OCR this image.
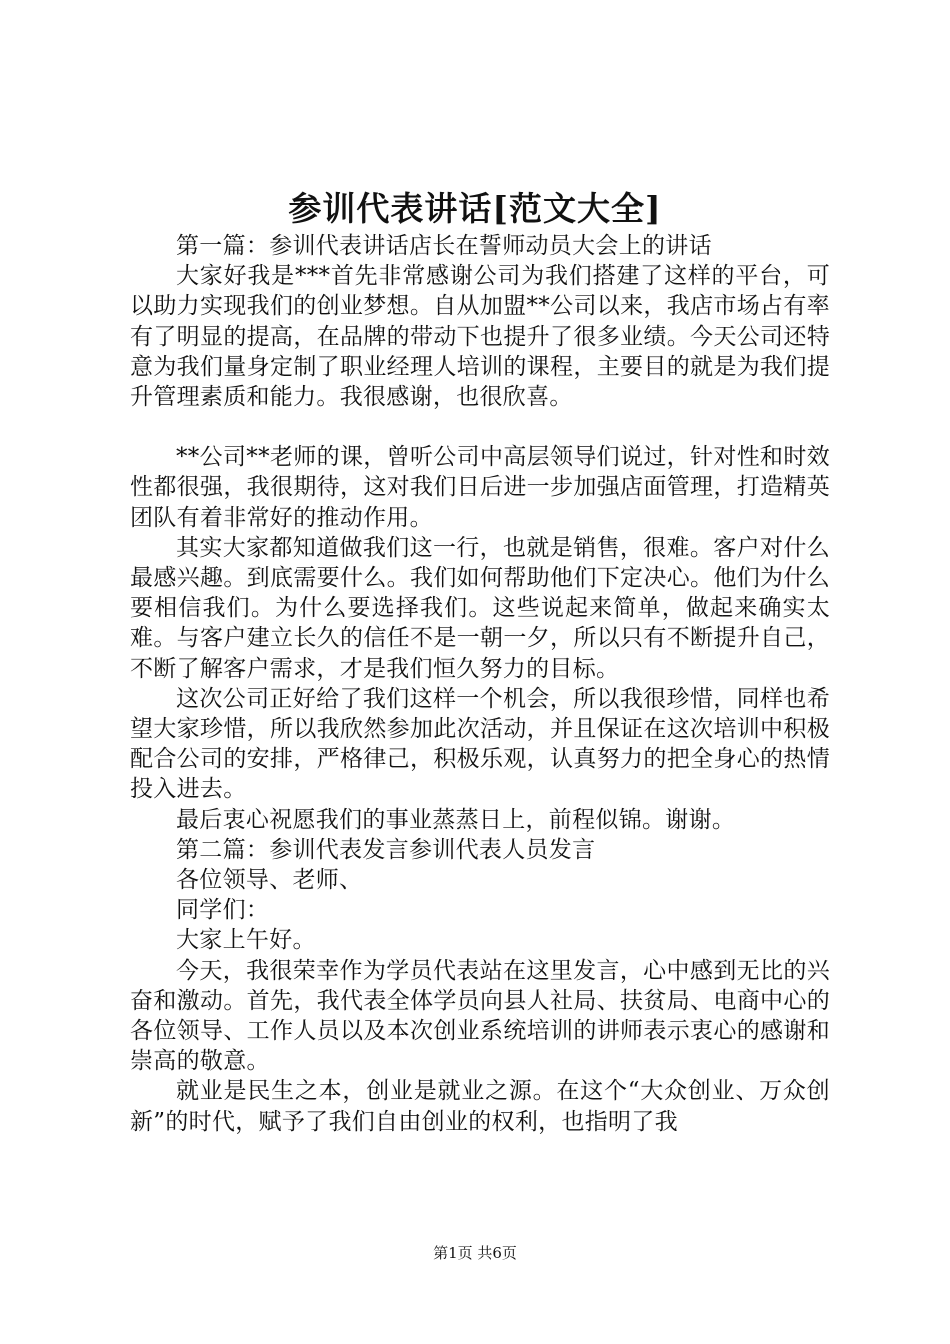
参训代表讲话[范文大全]

第一篇：参训代表讲话店长在誓师动员大会上的讲话

大家好我是***首先非常感谢公司为我们搭建了这样的平台，可以助力实现我们的创业梦想。自从加盟**公司以来，我店市场占有率有了明显的提高，在品牌的带动下也提升了很多业绩。今天公司还特意为我们量身定制了职业经理人培训的课程，主要目的就是为我们提升管理素质和能力。我很感谢，也很欣喜。

**公司**老师的课，曾听公司中高层领导们说过，针对性和时效性都很强，我很期待，这对我们日后进一步加强店面管理，打造精英团队有着非常好的推动作用。

其实大家都知道做我们这一行，也就是销售，很难。客户对什么最感兴趣。到底需要什么。我们如何帮助他们下定决心。他们为什么要相信我们。为什么要选择我们。这些说起来简单，做起来确实太难。与客户建立长久的信任不是一朝一夕，所以只有不断提升自己，不断了解客户需求，才是我们恒久努力的目标。

这次公司正好给了我们这样一个机会，所以我很珍惜，同样也希望大家珍惜，所以我欣然参加此次活动，并且保证在这次培训中积极配合公司的安排，严格律己，积极乐观，认真努力的把全身心的热情投入进去。

最后衷心祝愿我们的事业蒸蒸日上，前程似锦。谢谢。

第二篇：参训代表发言参训代表人员发言

各位领导、老师、

同学们：

大家上午好。

今天，我很荣幸作为学员代表站在这里发言，心中感到无比的兴奋和激动。首先，我代表全体学员向县人社局、扶贫局、电商中心的各位领导、工作人员以及本次创业系统培训的讲师表示衷心的感谢和崇高的敬意。

就业是民生之本，创业是就业之源。在这个“大众创业、万众创新”的时代，赋予了我们自由创业的权利，也指明了我

第1页 共6页
